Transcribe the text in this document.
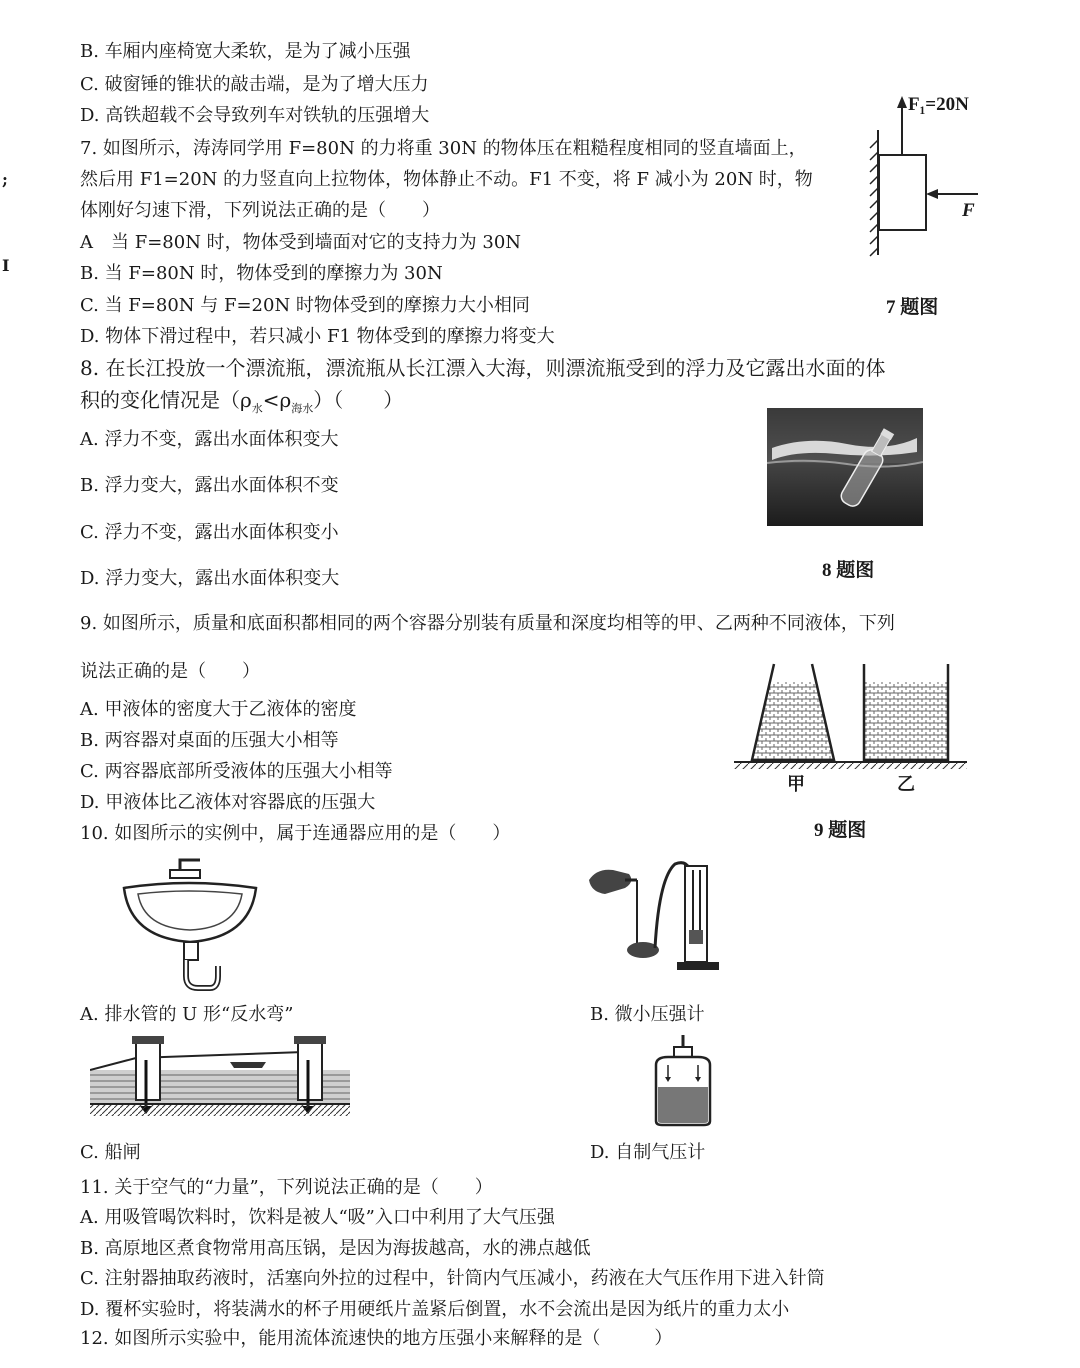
;
I
B. 车厢内座椅宽大柔软，是为了减小压强
C. 破窗锤的锥状的敲击端，是为了增大压力
D. 高铁超载不会导致列车对铁轨的压强增大
7. 如图所示，涛涛同学用 F=80N 的力将重 30N 的物体压在粗糙程度相同的竖直墙面上，
然后用 F1=20N 的力竖直向上拉物体，物体静止不动。F1 不变，将 F 减小为 20N 时，物
体刚好匀速下滑，下列说法正确的是（　　）
A　当 F=80N 时，物体受到墙面对它的支持力为 30N
B. 当 F=80N 时，物体受到的摩擦力为 30N
C. 当 F=80N 与 F=20N 时物体受到的摩擦力大小相同
D. 物体下滑过程中，若只减小 F1 物体受到的摩擦力将变大
F₁=20N
F
7 题图
8. 在长江投放一个漂流瓶，漂流瓶从长江漂入大海，则漂流瓶受到的浮力及它露出水面的体
积的变化情况是$(\rho_水<\rho_{海水})$（　　）
A. 浮力不变，露出水面体积变大
B. 浮力变大，露出水面体积不变
C. 浮力不变，露出水面体积变小
D. 浮力变大，露出水面体积变大	8 题图
9. 如图所示，质量和底面积都相同的两个容器分别装有质量和深度均相等的甲、乙两种不同液体，下列
说法正确的是（　　）
A. 甲液体的密度大于乙液体的密度
B. 两容器对桌面的压强大小相等
C. 两容器底部所受液体的压强大小相等
D. 甲液体比乙液体对容器底的压强大
甲	乙
9 题图
10. 如图所示的实例中，属于连通器应用的是（　　）
A. 排水管的 U 形“反水弯”	B. 微小压强计
C. 船闸	D. 自制气压计
11. 关于空气的“力量”，下列说法正确的是（　　）
A. 用吸管喝饮料时，饮料是被人“吸”入口中利用了大气压强
B. 高原地区煮食物常用高压锅，是因为海拔越高，水的沸点越低
C. 注射器抽取药液时，活塞向外拉的过程中，针筒内气压减小，药液在大气压作用下进入针筒
D. 覆杯实验时，将装满水的杯子用硬纸片盖紧后倒置，水不会流出是因为纸片的重力太小
12. 如图所示实验中，能用流体流速快的地方压强小来解释的是（　　　）
